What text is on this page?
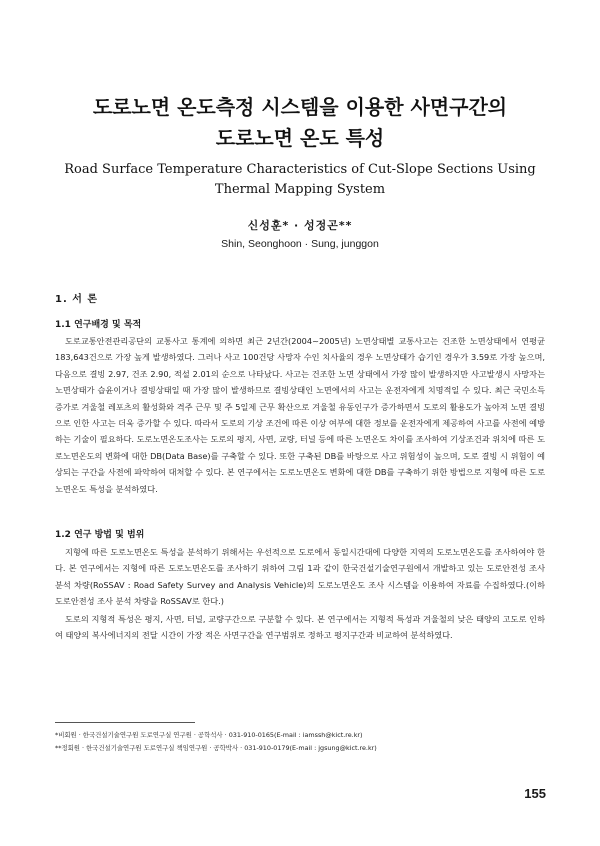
도로노면 온도측정 시스템을 이용한 사면구간의
도로노면 온도 특성
Road Surface Temperature Characteristics of Cut-Slope Sections Using
Thermal Mapping System
신성훈* · 성정곤**
Shin, Seonghoon · Sung, junggon
1. 서 론
1.1 연구배경 및 목적
도로교통안전관리공단의 교통사고 통계에 의하면 최근 2년간(2004~2005년) 노면상태별 교통사고는 건조한 노면상태에서 연평균 183,643건으로 가장 높게 발생하였다. 그러나 사고 100건당 사망자 수인 치사율의 경우 노면상태가 습기인 경우가 3.59로 가장 높으며, 다음으로 결빙 2.97, 건조 2.90, 적설 2.01의 순으로 나타났다. 사고는 건조한 노면 상태에서 가장 많이 발생하지만 사고발생시 사망자는 노면상태가 습윤이거나 결빙상태일 때 가장 많이 발생하므로 결빙상태인 노면에서의 사고는 운전자에게 치명적일 수 있다. 최근 국민소득 증가로 겨울철 레포츠의 활성화와 격주 근무 및 주 5일제 근무 확산으로 겨울철 유동인구가 증가하면서 도로의 활용도가 높아져 노면 결빙으로 인한 사고는 더욱 증가할 수 있다. 따라서 도로의 기상 조건에 따른 이상 여부에 대한 정보를 운전자에게 제공하여 사고를 사전에 예방하는 기술이 필요하다. 도로노면온도조사는 도로의 평지, 사면, 교량, 터널 등에 따른 노면온도 차이를 조사하여 기상조건과 위치에 따른 도로노면온도의 변화에 대한 DB(Data Base)를 구축할 수 있다. 또한 구축된 DB를 바탕으로 사고 위험성이 높으며, 도로 결빙 시 위험이 예상되는 구간을 사전에 파악하여 대처할 수 있다. 본 연구에서는 도로노면온도 변화에 대한 DB를 구축하기 위한 방법으로 지형에 따른 도로노면온도 특성을 분석하였다.
1.2 연구 방법 및 범위
지형에 따른 도로노면온도 특성을 분석하기 위해서는 우선적으로 도로에서 동일시간대에 다양한 지역의 도로노면온도를 조사하여야 한다. 본 연구에서는 지형에 따른 도로노면온도를 조사하기 위하여 그림 1과 같이 한국건설기술연구원에서 개발하고 있는 도로안전성 조사 분석 차량(RoSSAV : Road Safety Survey and Analysis Vehicle)의 도로노면온도 조사 시스템을 이용하여 자료를 수집하였다.(이하 도로안전성 조사 분석 차량을 RoSSAV로 한다.)
도로의 지형적 특성은 평지, 사면, 터널, 교량구간으로 구분할 수 있다. 본 연구에서는 지형적 특성과 겨울철의 낮은 태양의 고도로 인하여 태양의 복사에너지의 전달 시간이 가장 적은 사면구간을 연구범위로 정하고 평지구간과 비교하여 분석하였다.
*비회원 · 한국건설기술연구원 도로연구실 연구원 · 공학석사 · 031-910-0165(E-mail : iamssh@kict.re.kr)
**정회원 · 한국건설기술연구원 도로연구실 책임연구원 · 공학박사 · 031-910-0179(E-mail : jgsung@kict.re.kr)
155
